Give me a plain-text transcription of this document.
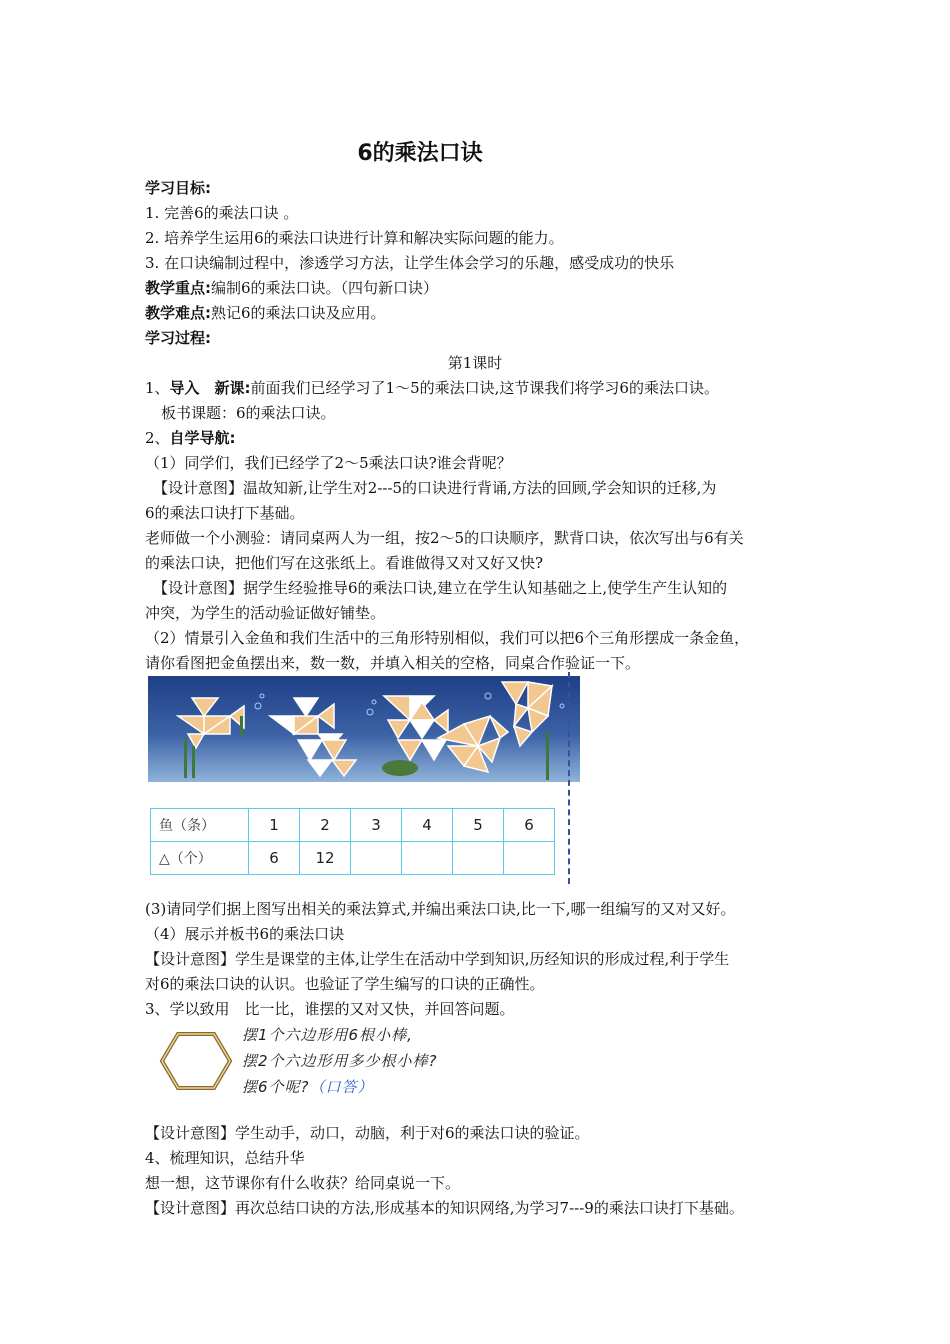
6的乘法口诀
学习目标:
1. 完善6的乘法口诀 。
2. 培养学生运用6的乘法口诀进行计算和解决实际问题的能力。
3. 在口诀编制过程中，渗透学习方法，让学生体会学习的乐趣，感受成功的快乐
教学重点:编制6的乘法口诀。（四句新口诀）
教学难点:熟记6的乘法口诀及应用。
学习过程:
第1课时
1、导入　新课:前面我们已经学习了1～5的乘法口诀,这节课我们将学习6的乘法口诀。
板书课题：6的乘法口诀。
2、自学导航:
（1）同学们，我们已经学了2～5乘法口诀?谁会背呢？
【设计意图】温故知新,让学生对2---5的口诀进行背诵,方法的回顾,学会知识的迁移,为
6的乘法口诀打下基础。
老师做一个小测验：请同桌两人为一组，按2～5的口诀顺序，默背口诀，依次写出与6有关
的乘法口诀，把他们写在这张纸上。看谁做得又对又好又快?
【设计意图】据学生经验推导6的乘法口诀,建立在学生认知基础之上,使学生产生认知的
冲突，为学生的活动验证做好铺垫。
（2）情景引入金鱼和我们生活中的三角形特别相似，我们可以把6个三角形摆成一条金鱼，
请你看图把金鱼摆出来，数一数，并填入相关的空格，同桌合作验证一下。
鱼（条）	1	2	3	4	5	6
△（个）	6	12				
(3)请同学们据上图写出相关的乘法算式,并编出乘法口诀,比一下,哪一组编写的又对又好。
（4）展示并板书6的乘法口诀
【设计意图】学生是课堂的主体,让学生在活动中学到知识,历经知识的形成过程,利于学生
对6的乘法口诀的认识。也验证了学生编写的口诀的正确性。
3、学以致用　比一比，谁摆的又对又快，并回答问题。
摆1个六边形用6根小棒,
摆2个六边形用多少根小棒?
摆6个呢?（口答）
【设计意图】学生动手，动口，动脑，利于对6的乘法口诀的验证。
4、梳理知识，总结升华
想一想，这节课你有什么收获？给同桌说一下。
【设计意图】再次总结口诀的方法,形成基本的知识网络,为学习7---9的乘法口诀打下基础。
